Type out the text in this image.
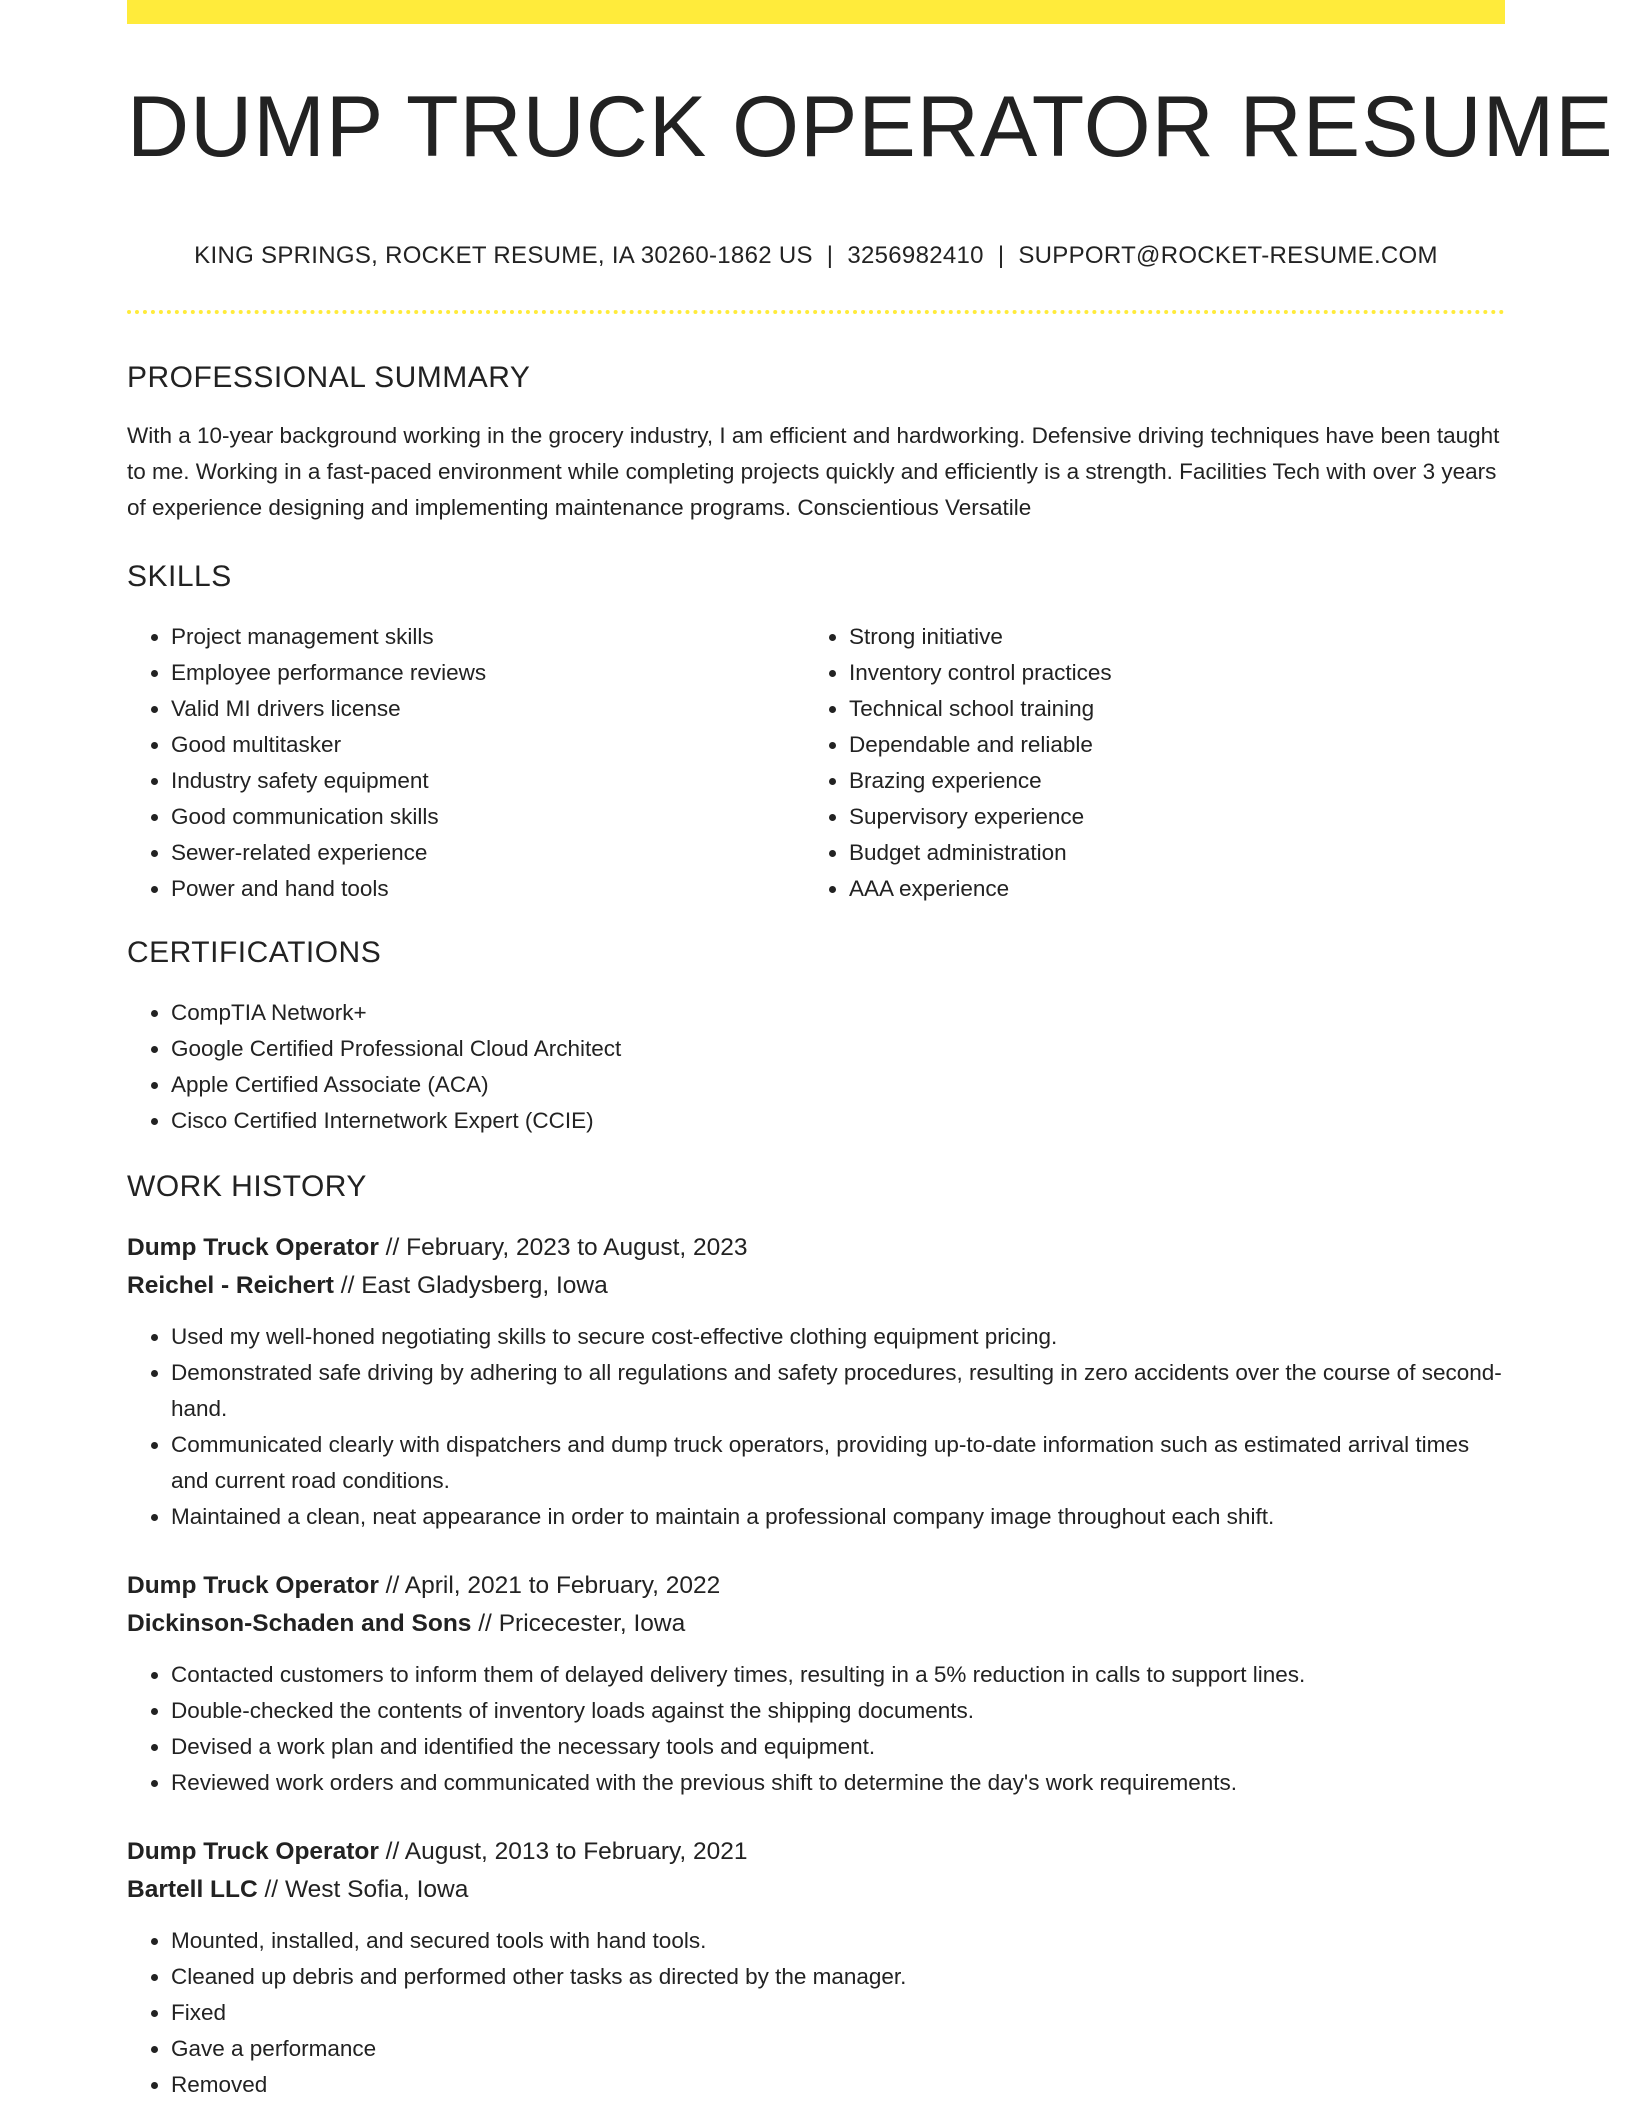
DUMP TRUCK OPERATOR RESUME
KING SPRINGS, ROCKET RESUME, IA 30260-1862 US | 3256982410 | SUPPORT@ROCKET-RESUME.COM
PROFESSIONAL SUMMARY

With a 10-year background working in the grocery industry, I am efficient and hardworking. Defensive driving techniques have been taught to me. Working in a fast-paced environment while completing projects quickly and efficiently is a strength. Facilities Tech with over 3 years of experience designing and implementing maintenance programs. Conscientious Versatile

SKILLS
• Project management skills
• Employee performance reviews
• Valid MI drivers license
• Good multitasker
• Industry safety equipment
• Good communication skills
• Sewer-related experience
• Power and hand tools
• Strong initiative
• Inventory control practices
• Technical school training
• Dependable and reliable
• Brazing experience
• Supervisory experience
• Budget administration
• AAA experience
CERTIFICATIONS
• CompTIA Network+
• Google Certified Professional Cloud Architect
• Apple Certified Associate (ACA)
• Cisco Certified Internetwork Expert (CCIE)
WORK HISTORY
Dump Truck Operator // February, 2023 to August, 2023
Reichel - Reichert // East Gladysberg, Iowa
• Used my well-honed negotiating skills to secure cost-effective clothing equipment pricing.
• Demonstrated safe driving by adhering to all regulations and safety procedures, resulting in zero accidents over the course of second-hand.
• Communicated clearly with dispatchers and dump truck operators, providing up-to-date information such as estimated arrival times and current road conditions.
• Maintained a clean, neat appearance in order to maintain a professional company image throughout each shift.
Dump Truck Operator // April, 2021 to February, 2022
Dickinson-Schaden and Sons // Pricecester, Iowa
• Contacted customers to inform them of delayed delivery times, resulting in a 5% reduction in calls to support lines.
• Double-checked the contents of inventory loads against the shipping documents.
• Devised a work plan and identified the necessary tools and equipment.
• Reviewed work orders and communicated with the previous shift to determine the day's work requirements.
Dump Truck Operator // August, 2013 to February, 2021
Bartell LLC // West Sofia, Iowa
• Mounted, installed, and secured tools with hand tools.
• Cleaned up debris and performed other tasks as directed by the manager.
• Fixed
• Gave a performance
• Removed
